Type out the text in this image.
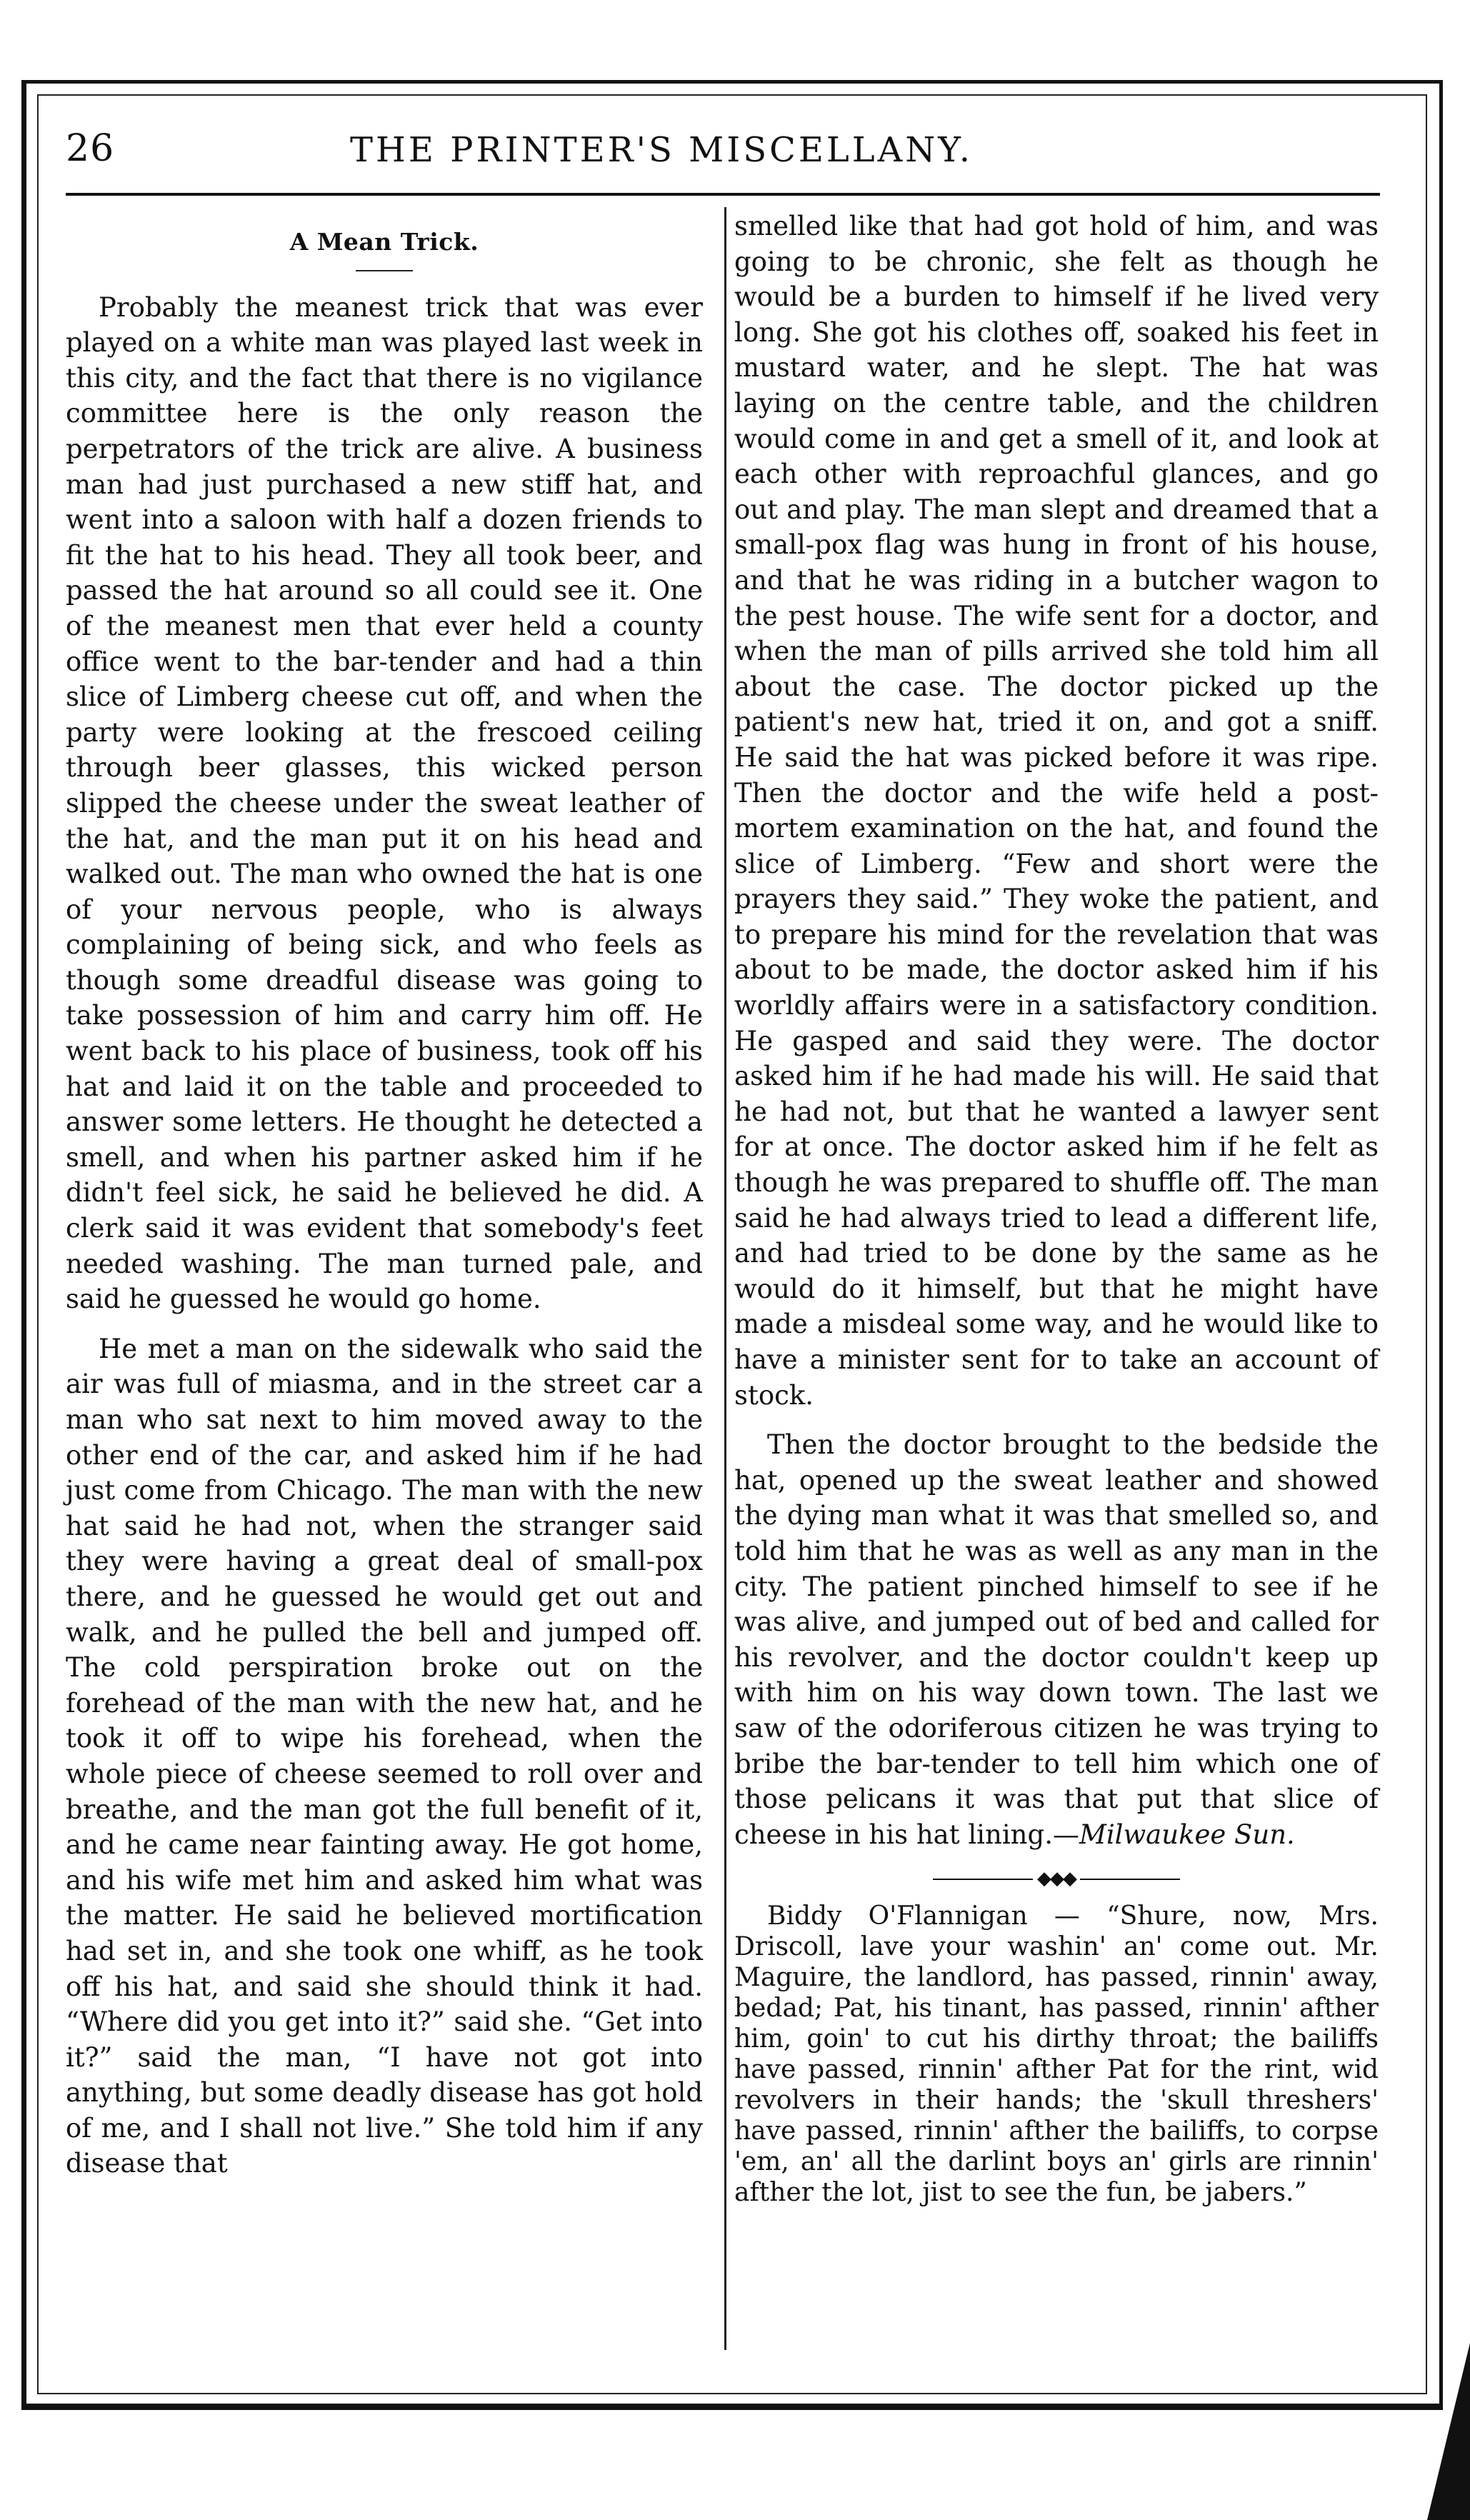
26	THE PRINTER'S MISCELLANY.
A Mean Trick.

Probably the meanest trick that was ever played on a white man was played last week in this city, and the fact that there is no vigilance committee here is the only reason the perpetrators of the trick are alive. A business man had just purchased a new stiff hat, and went into a saloon with half a dozen friends to fit the hat to his head. They all took beer, and passed the hat around so all could see it. One of the meanest men that ever held a county office went to the bar-tender and had a thin slice of Limberg cheese cut off, and when the party were looking at the frescoed ceiling through beer glasses, this wicked person slipped the cheese under the sweat leather of the hat, and the man put it on his head and walked out. The man who owned the hat is one of your nervous people, who is always complaining of being sick, and who feels as though some dreadful disease was going to take possession of him and carry him off. He went back to his place of business, took off his hat and laid it on the table and proceeded to answer some letters. He thought he detected a smell, and when his partner asked him if he didn't feel sick, he said he believed he did. A clerk said it was evident that somebody's feet needed washing. The man turned pale, and said he guessed he would go home.

He met a man on the sidewalk who said the air was full of miasma, and in the street car a man who sat next to him moved away to the other end of the car, and asked him if he had just come from Chicago. The man with the new hat said he had not, when the stranger said they were having a great deal of small-pox there, and he guessed he would get out and walk, and he pulled the bell and jumped off. The cold perspiration broke out on the forehead of the man with the new hat, and he took it off to wipe his forehead, when the whole piece of cheese seemed to roll over and breathe, and the man got the full benefit of it, and he came near fainting away. He got home, and his wife met him and asked him what was the matter. He said he believed mortification had set in, and she took one whiff, as he took off his hat, and said she should think it had. “Where did you get into it?” said she. “Get into it?” said the man, “I have not got into anything, but some deadly disease has got hold of me, and I shall not live.” She told him if any disease that

smelled like that had got hold of him, and was going to be chronic, she felt as though he would be a burden to himself if he lived very long. She got his clothes off, soaked his feet in mustard water, and he slept. The hat was laying on the centre table, and the children would come in and get a smell of it, and look at each other with reproachful glances, and go out and play. The man slept and dreamed that a small-pox flag was hung in front of his house, and that he was riding in a butcher wagon to the pest house. The wife sent for a doctor, and when the man of pills arrived she told him all about the case. The doctor picked up the patient's new hat, tried it on, and got a sniff. He said the hat was picked before it was ripe. Then the doctor and the wife held a post-mortem examination on the hat, and found the slice of Limberg. “Few and short were the prayers they said.” They woke the patient, and to prepare his mind for the revelation that was about to be made, the doctor asked him if his worldly affairs were in a satisfactory condition. He gasped and said they were. The doctor asked him if he had made his will. He said that he had not, but that he wanted a lawyer sent for at once. The doctor asked him if he felt as though he was prepared to shuffle off. The man said he had always tried to lead a different life, and had tried to be done by the same as he would do it himself, but that he might have made a misdeal some way, and he would like to have a minister sent for to take an account of stock.

Then the doctor brought to the bedside the hat, opened up the sweat leather and showed the dying man what it was that smelled so, and told him that he was as well as any man in the city. The patient pinched himself to see if he was alive, and jumped out of bed and called for his revolver, and the doctor couldn't keep up with him on his way down town. The last we saw of the odoriferous citizen he was trying to bribe the bar-tender to tell him which one of those pelicans it was that put that slice of cheese in his hat lining.—Milwaukee Sun.

◆◆◆

Biddy O'Flannigan — “Shure, now, Mrs. Driscoll, lave your washin' an' come out. Mr. Maguire, the landlord, has passed, rinnin' away, bedad; Pat, his tinant, has passed, rinnin' afther him, goin' to cut his dirthy throat; the bailiffs have passed, rinnin' afther Pat for the rint, wid revolvers in their hands; the 'skull threshers' have passed, rinnin' afther the bailiffs, to corpse 'em, an' all the darlint boys an' girls are rinnin' afther the lot, jist to see the fun, be jabers.”
